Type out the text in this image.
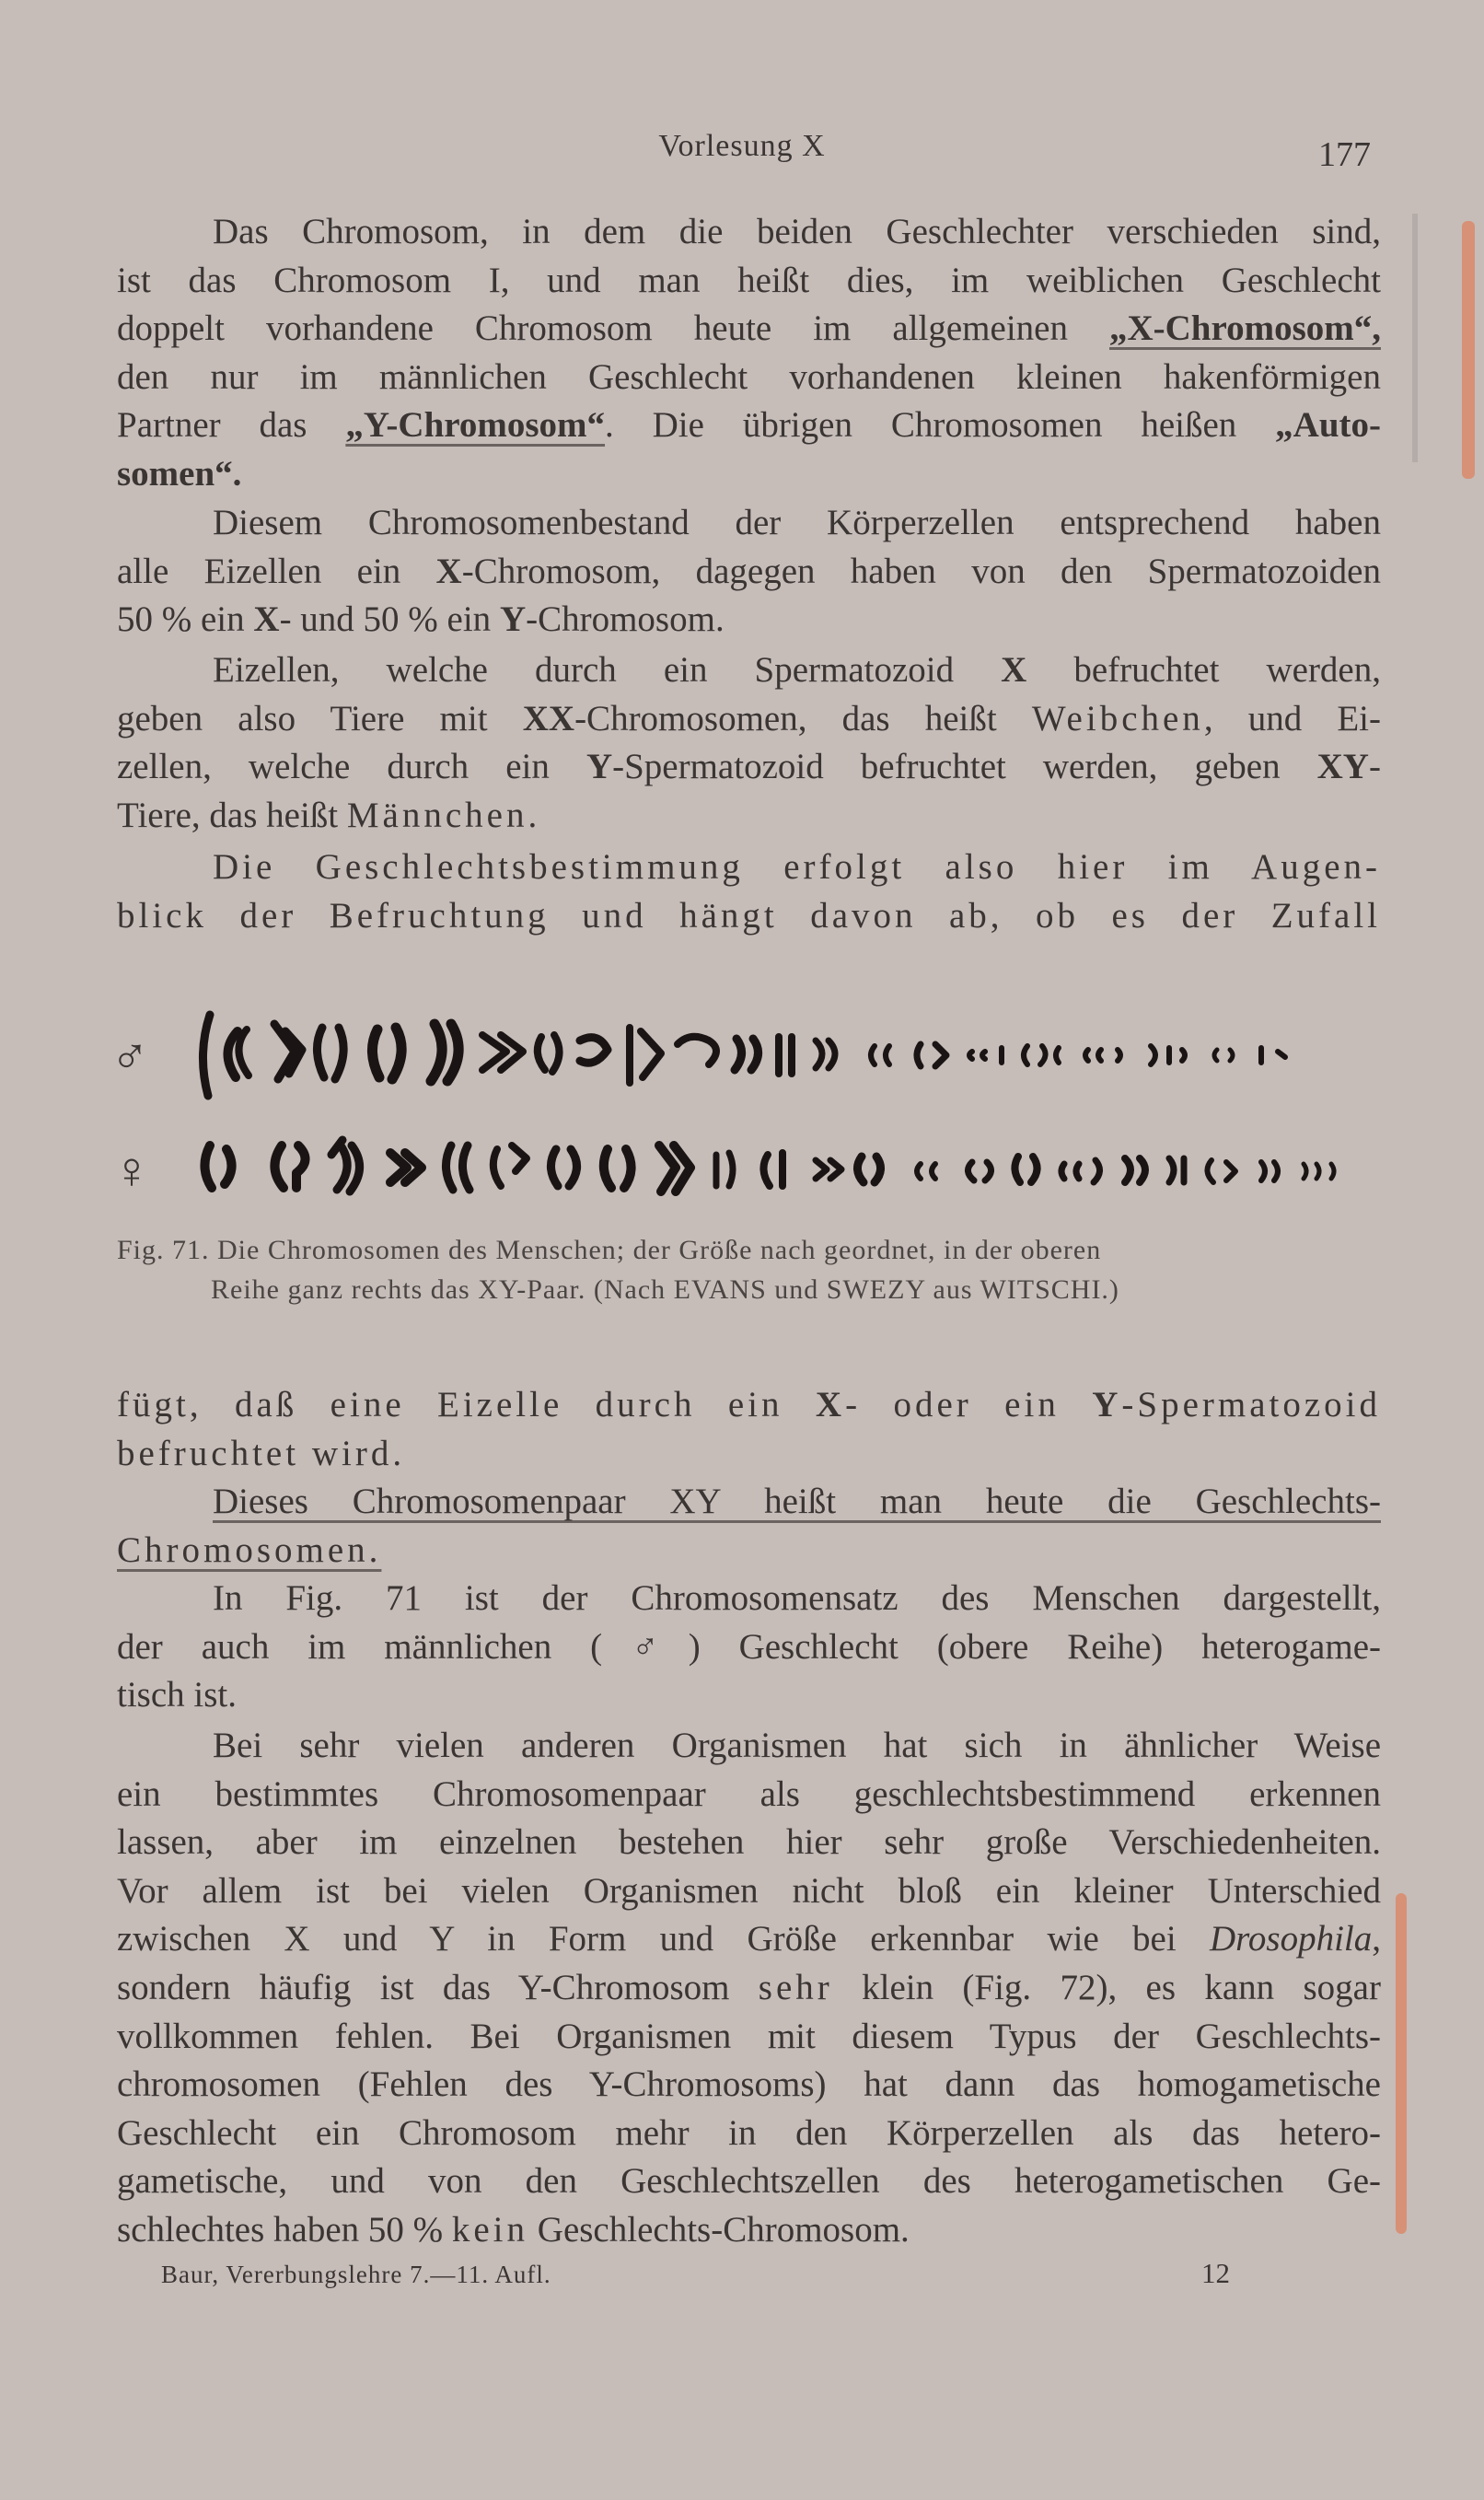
Vorlesung X	177
Das Chromosom, in dem die beiden Geschlechter verschieden sind,
ist das Chromosom I, und man heißt dies, im weiblichen Geschlecht
doppelt vorhandene Chromosom heute im allgemeinen „X-Chromosom“,
den nur im männlichen Geschlecht vorhandenen kleinen hakenförmigen
Partner das „Y-Chromosom“. Die übrigen Chromosomen heißen „Auto-
somen“.
Diesem Chromosomenbestand der Körperzellen entsprechend haben
alle Eizellen ein X-Chromosom, dagegen haben von den Spermatozoiden
50 % ein X- und 50 % ein Y-Chromosom.
Eizellen, welche durch ein Spermatozoid X befruchtet werden,
geben also Tiere mit XX-Chromosomen, das heißt Weibchen, und Ei-
zellen, welche durch ein Y-Spermatozoid befruchtet werden, geben XY-
Tiere, das heißt Männchen.
Die Geschlechtsbestimmung erfolgt also hier im Augen-
blick der Befruchtung und hängt davon ab, ob es der Zufall
♂
♀
Fig. 71. Die Chromosomen des Menschen; der Größe nach geordnet, in der oberen
Reihe ganz rechts das XY-Paar. (Nach EVANS und SWEZY aus WITSCHI.)
fügt, daß eine Eizelle durch ein X- oder ein Y-Spermatozoid
befruchtet wird.
Dieses Chromosomenpaar XY heißt man heute die Geschlechts-
Chromosomen.
In Fig. 71 ist der Chromosomensatz des Menschen dargestellt,
der auch im männlichen (♂) Geschlecht (obere Reihe) heterogame-
tisch ist.
Bei sehr vielen anderen Organismen hat sich in ähnlicher Weise
ein bestimmtes Chromosomenpaar als geschlechtsbestimmend erkennen
lassen, aber im einzelnen bestehen hier sehr große Verschiedenheiten.
Vor allem ist bei vielen Organismen nicht bloß ein kleiner Unterschied
zwischen X und Y in Form und Größe erkennbar wie bei Drosophila,
sondern häufig ist das Y-Chromosom sehr klein (Fig. 72), es kann sogar
vollkommen fehlen. Bei Organismen mit diesem Typus der Geschlechts-
chromosomen (Fehlen des Y-Chromosoms) hat dann das homogametische
Geschlecht ein Chromosom mehr in den Körperzellen als das hetero-
gametische, und von den Geschlechtszellen des heterogametischen Ge-
schlechtes haben 50 % kein Geschlechts-Chromosom.
Baur, Vererbungslehre 7.—11. Aufl.	12
